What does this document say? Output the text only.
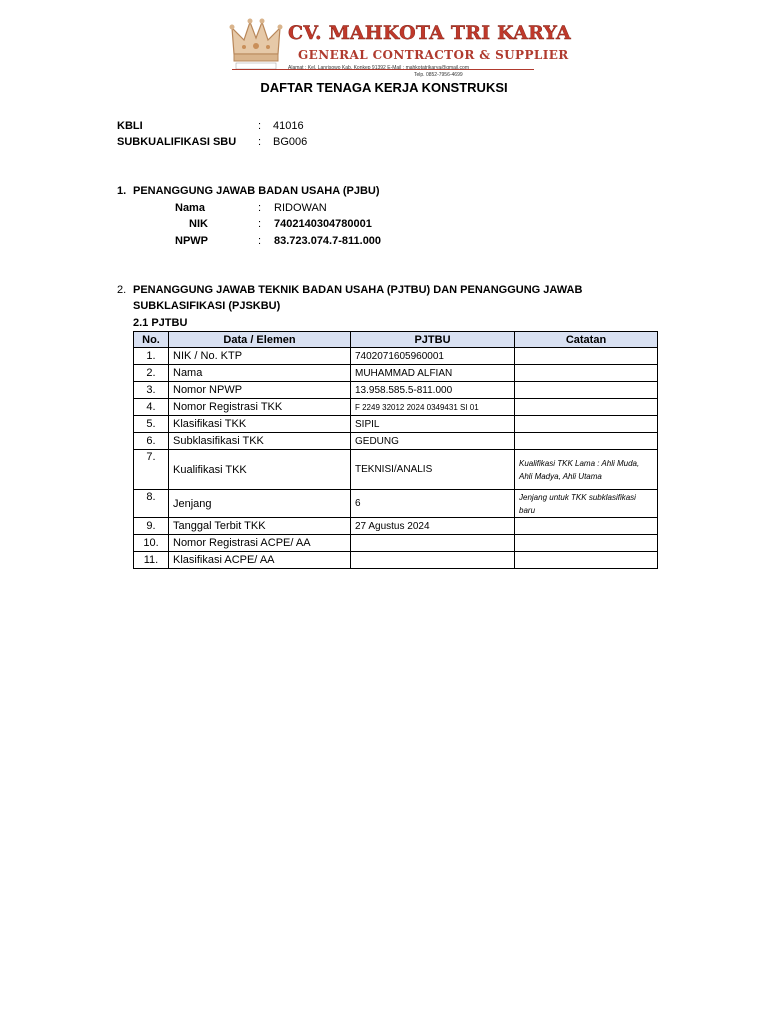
CV. MAHKOTA TRI KARYA
GENERAL CONTRACTOR & SUPPLIER
Alamat : Kel. Lanrisowo Kab. Konkep 91392 E-Mail : mahkotatrikarya@gmail.com
Telp. 0852-7956-4699
DAFTAR TENAGA KERJA KONSTRUKSI
KBLI	: 41016
SUBKUALIFIKASI SBU : BG006
1. PENANGGUNG JAWAB BADAN USAHA (PJBU)
Nama	: RIDOWAN
NIK	: 7402140304780001
NPWP	: 83.723.074.7-811.000
2. PENANGGUNG JAWAB TEKNIK BADAN USAHA (PJTBU) DAN PENANGGUNG JAWAB
SUBKLASIFIKASI (PJSKBU)
2.1 PJTBU
No.	Data / Elemen	PJTBU	Catatan
1.	NIK / No. KTP	7402071605960001	
2.	Nama	MUHAMMAD ALFIAN	
3.	Nomor NPWP	13.958.585.5-811.000	
4.	Nomor Registrasi TKK	F 2249 32012 2024 0349431 SI 01	
5.	Klasifikasi TKK	SIPIL	
6.	Subklasifikasi TKK	GEDUNG	
7.	Kualifikasi TKK	TEKNISI/ANALIS	Kualifikasi TKK Lama : Ahli Muda, Ahli Madya, Ahli Utama
8.	Jenjang	6	Jenjang untuk TKK subklasifikasi baru
9.	Tanggal Terbit TKK	27 Agustus 2024	
10.	Nomor Registrasi ACPE/ AA		
11.	Klasifikasi ACPE/ AA		
